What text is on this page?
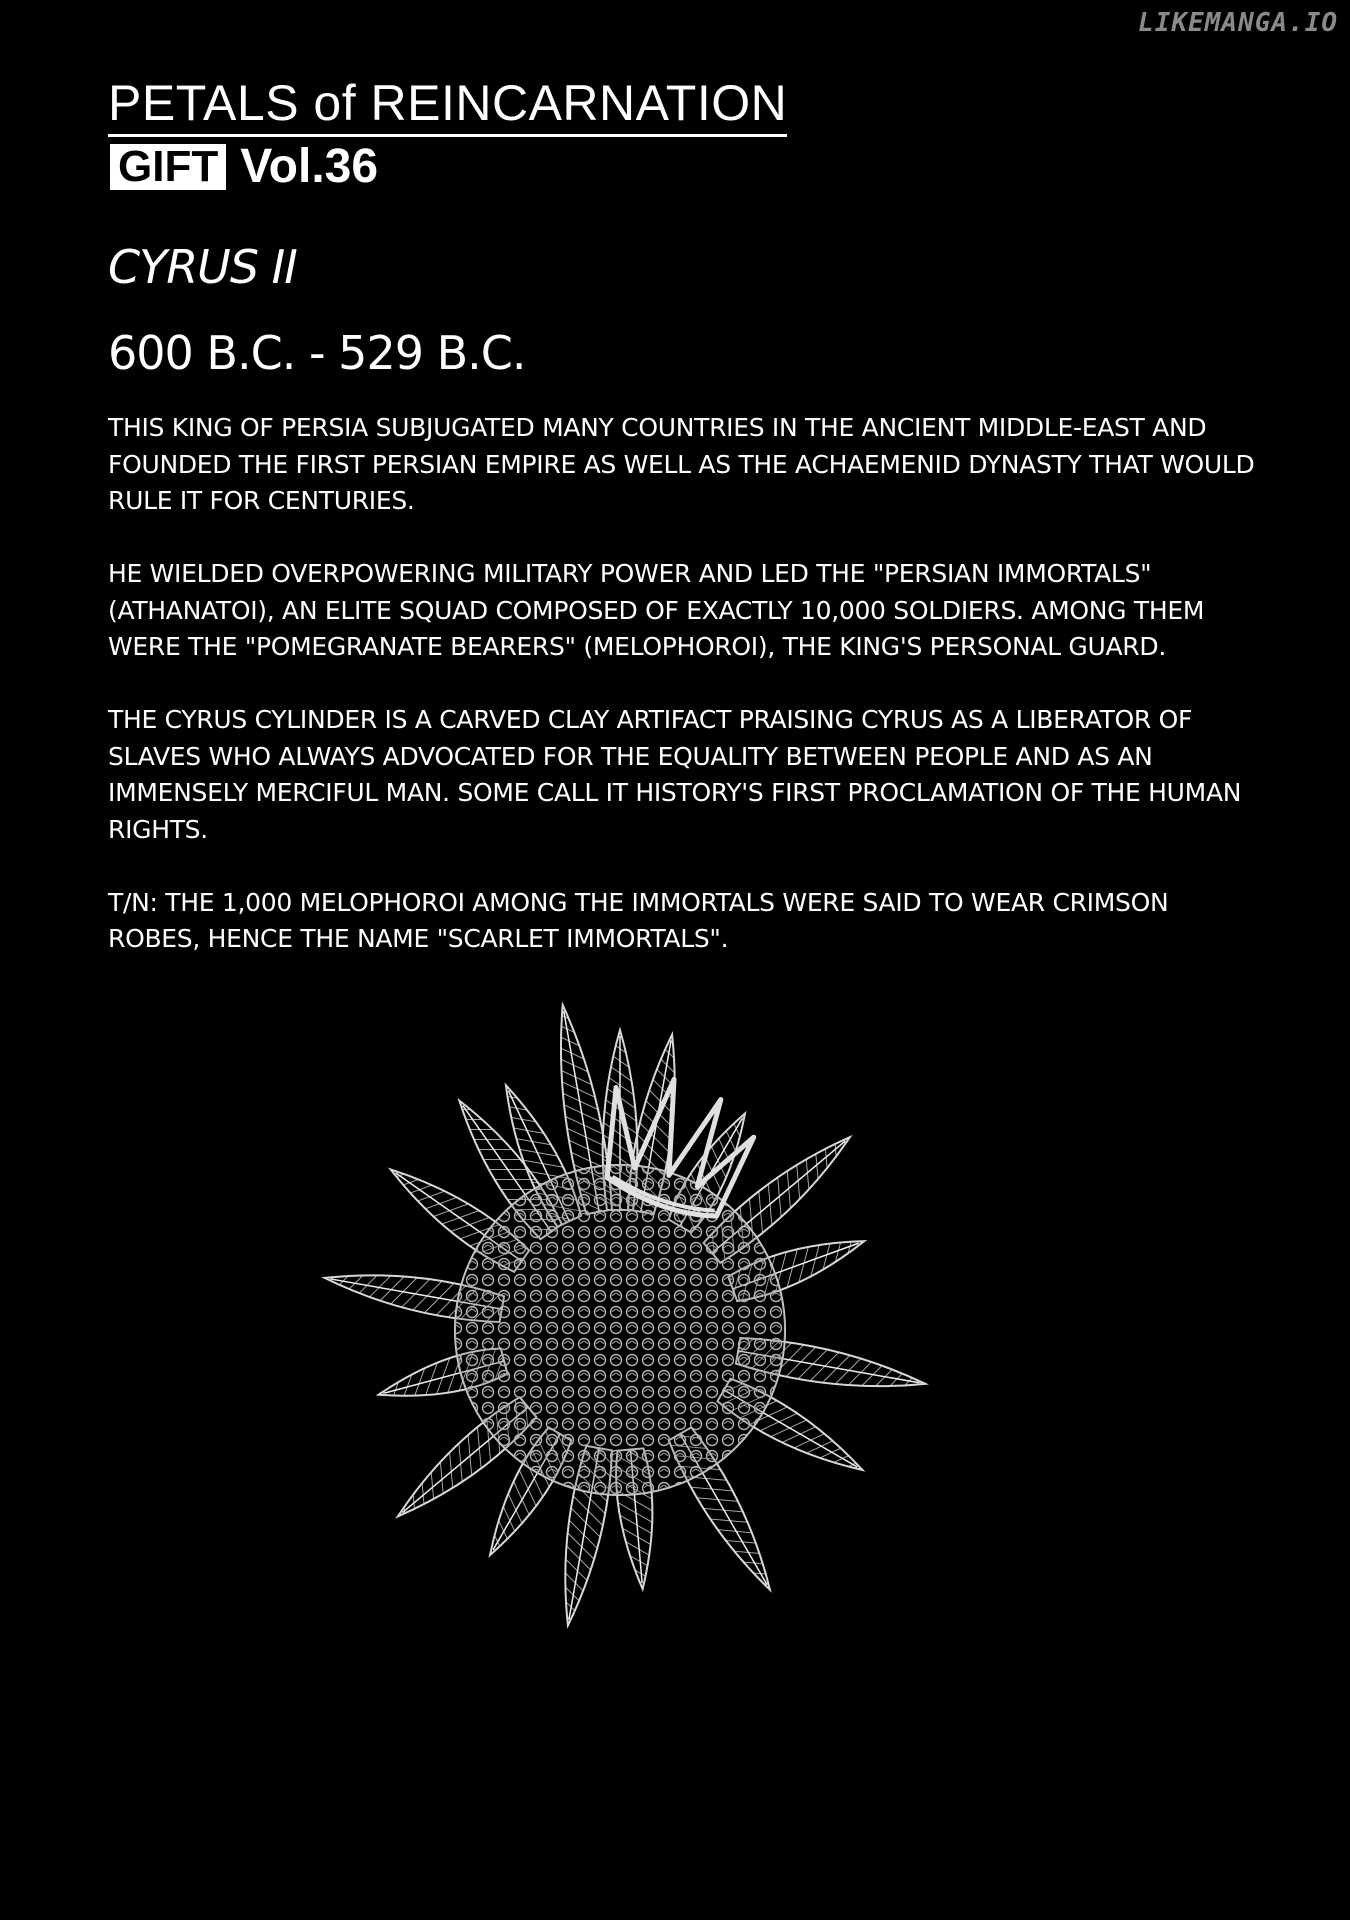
LIKEMANGA.IO
PETALS of REINCARNATION
GIFT Vol.36
CYRUS II
600 B.C. - 529 B.C.

THIS KING OF PERSIA SUBJUGATED MANY COUNTRIES IN THE ANCIENT MIDDLE-EAST AND FOUNDED THE FIRST PERSIAN EMPIRE AS WELL AS THE ACHAEMENID DYNASTY THAT WOULD RULE IT FOR CENTURIES.

HE WIELDED OVERPOWERING MILITARY POWER AND LED THE "PERSIAN IMMORTALS" (ATHANATOI), AN ELITE SQUAD COMPOSED OF EXACTLY 10,000 SOLDIERS. AMONG THEM WERE THE "POMEGRANATE BEARERS" (MELOPHOROI), THE KING'S PERSONAL GUARD.

THE CYRUS CYLINDER IS A CARVED CLAY ARTIFACT PRAISING CYRUS AS A LIBERATOR OF SLAVES WHO ALWAYS ADVOCATED FOR THE EQUALITY BETWEEN PEOPLE AND AS AN IMMENSELY MERCIFUL MAN. SOME CALL IT HISTORY'S FIRST PROCLAMATION OF THE HUMAN RIGHTS.

T/N: THE 1,000 MELOPHOROI AMONG THE IMMORTALS WERE SAID TO WEAR CRIMSON ROBES, HENCE THE NAME "SCARLET IMMORTALS".
